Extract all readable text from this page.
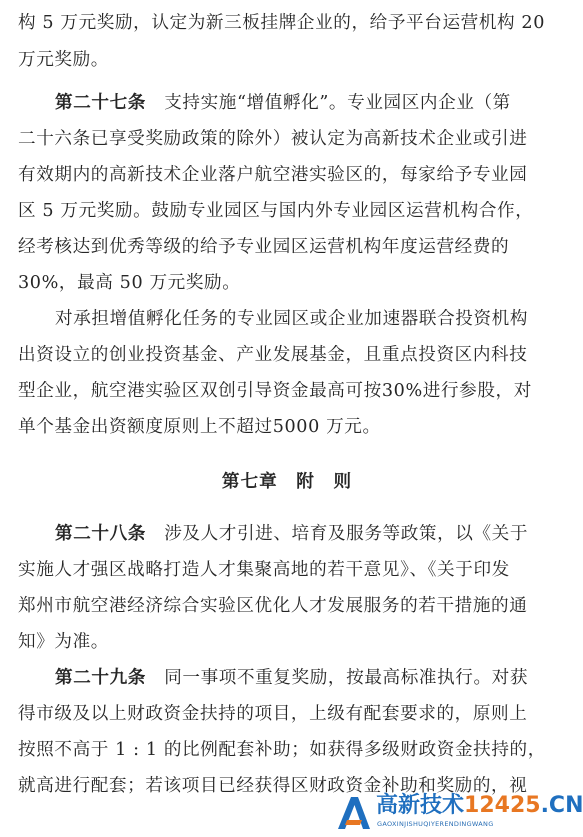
构 5 万元奖励，认定为新三板挂牌企业的，给予平台运营机构 20
万元奖励。
第二十七条　 支持实施“增值孵化”。专业园区内企业（第
二十六条已享受奖励政策的除外）被认定为高新技术企业或引进
有效期内的高新技术企业落户航空港实验区的，每家给予专业园
区 5 万元奖励。鼓励专业园区与国内外专业园区运营机构合作，
经考核达到优秀等级的给予专业园区运营机构年度运营经费的
30%，最高 50 万元奖励。
对承担增值孵化任务的专业园区或企业加速器联合投资机构
出资设立的创业投资基金、产业发展基金，且重点投资区内科技
型企业，航空港实验区双创引导资金最高可按30%进行参股，对
单个基金出资额度原则上不超过5000 万元。
第七章　附　则
第二十八条　 涉及人才引进、培育及服务等政策，以《关于
实施人才强区战略打造人才集聚高地的若干意见》、《关于印发
郑州市航空港经济综合实验区优化人才发展服务的若干措施的通
知》为准。
第二十九条　 同一事项不重复奖励，按最高标准执行。对获
得市级及以上财政资金扶持的项目，上级有配套要求的，原则上
按照不高于 1 : 1 的比例配套补助；如获得多级财政资金扶持的，
就高进行配套；若该项目已经获得区财政资金补助和奖励的，视
高新技术12425.CN
GAOXINJISHUQIYERENDINGWANG
